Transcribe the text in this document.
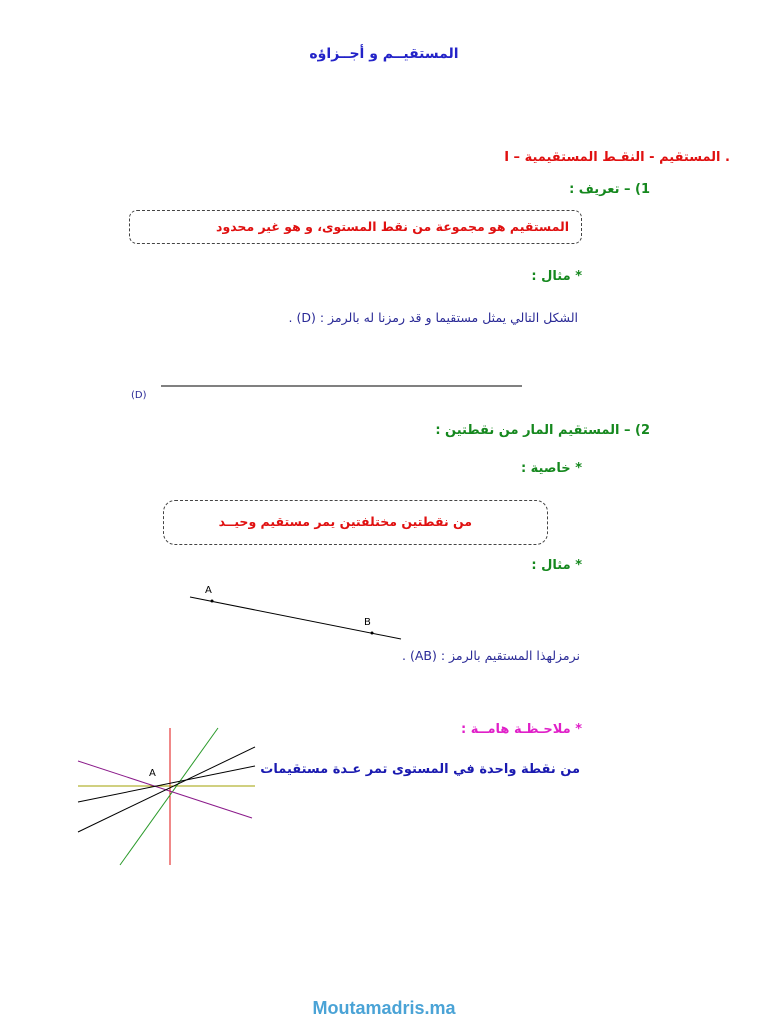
المستقيــم و أجــزاؤه
I – المستقيم - النقـط المستقيمية .
1) – تعريف :
المستقيم هو مجموعة من نقط المستوى، و هو غير محدود
* مثال :
الشكل التالي يمثل مستقيما و قد رمزنا له بالرمز : (D) .
(D)
2) – المستقيم المار من نقطتين :
* خاصية :
من نقطتين مختلفتين يمر مستقيم وحيــد
* مثال :
A
B
نرمزلهذا المستقيم بالرمز : (AB) .
* ملاحـظـة هامــة :
من نقطة واحدة في المستوى تمر عـدة مستقيمات
A
Moutamadris.ma
